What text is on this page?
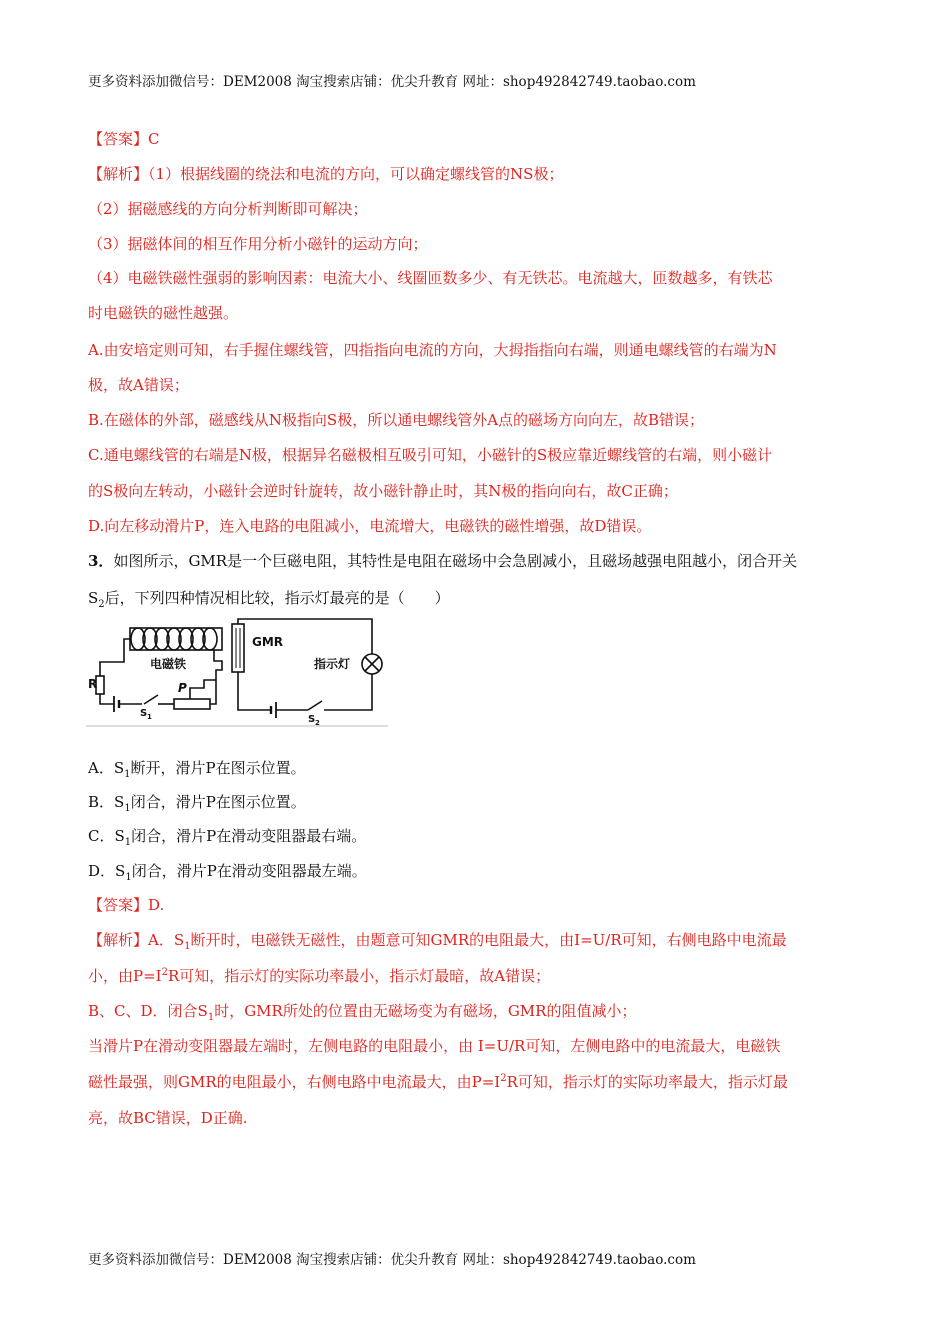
更多资料添加微信号：DEM2008 淘宝搜索店铺：优尖升教育 网址：shop492842749.taobao.com
【答案】C
【解析】（1）根据线圈的绕法和电流的方向，可以确定螺线管的NS极；
（2）据磁感线的方向分析判断即可解决；
（3）据磁体间的相互作用分析小磁针的运动方向；
（4）电磁铁磁性强弱的影响因素：电流大小、线圈匝数多少、有无铁芯。电流越大，匝数越多，有铁芯
时电磁铁的磁性越强。
A.由安培定则可知，右手握住螺线管，四指指向电流的方向，大拇指指向右端，则通电螺线管的右端为N
极，故A错误；
B.在磁体的外部，磁感线从N极指向S极，所以通电螺线管外A点的磁场方向向左，故B错误；
C.通电螺线管的右端是N极，根据异名磁极相互吸引可知，小磁针的S极应靠近螺线管的右端，则小磁计
的S极向左转动，小磁针会逆时针旋转，故小磁针静止时，其N极的指向向右，故C正确；
D.向左移动滑片P，连入电路的电阻减小，电流增大，电磁铁的磁性增强，故D错误。
3．如图所示，GMR是一个巨磁电阻，其特性是电阻在磁场中会急剧减小，且磁场越强电阻越小，闭合开关
$S_2$后，下列四种情况相比较，指示灯最亮的是（　　）
GMR
电磁铁	指示灯
R	P
S 1	S 2
A．$S_1$断开，滑片P在图示位置。
B．$S_1$闭合，滑片P在图示位置。
C．$S_1$闭合，滑片P在滑动变阻器最右端。
D．$S_1$闭合，滑片P在滑动变阻器最左端。
【答案】D.
【解析】A．$S_1$断开时，电磁铁无磁性，由题意可知GMR的电阻最大，由I=U/R可知，右侧电路中电流最
小，由$P=I^2R$可知，指示灯的实际功率最小，指示灯最暗，故A错误；
B、C、D．闭合$S_1$时，GMR所处的位置由无磁场变为有磁场，GMR的阻值减小；
当滑片P在滑动变阻器最左端时，左侧电路的电阻最小，由 I=U/R可知，左侧电路中的电流最大，电磁铁
磁性最强，则GMR的电阻最小，右侧电路中电流最大，由$P=I^2R$可知，指示灯的实际功率最大，指示灯最
亮，故BC错误，D正确.
更多资料添加微信号：DEM2008 淘宝搜索店铺：优尖升教育 网址：shop492842749.taobao.com
